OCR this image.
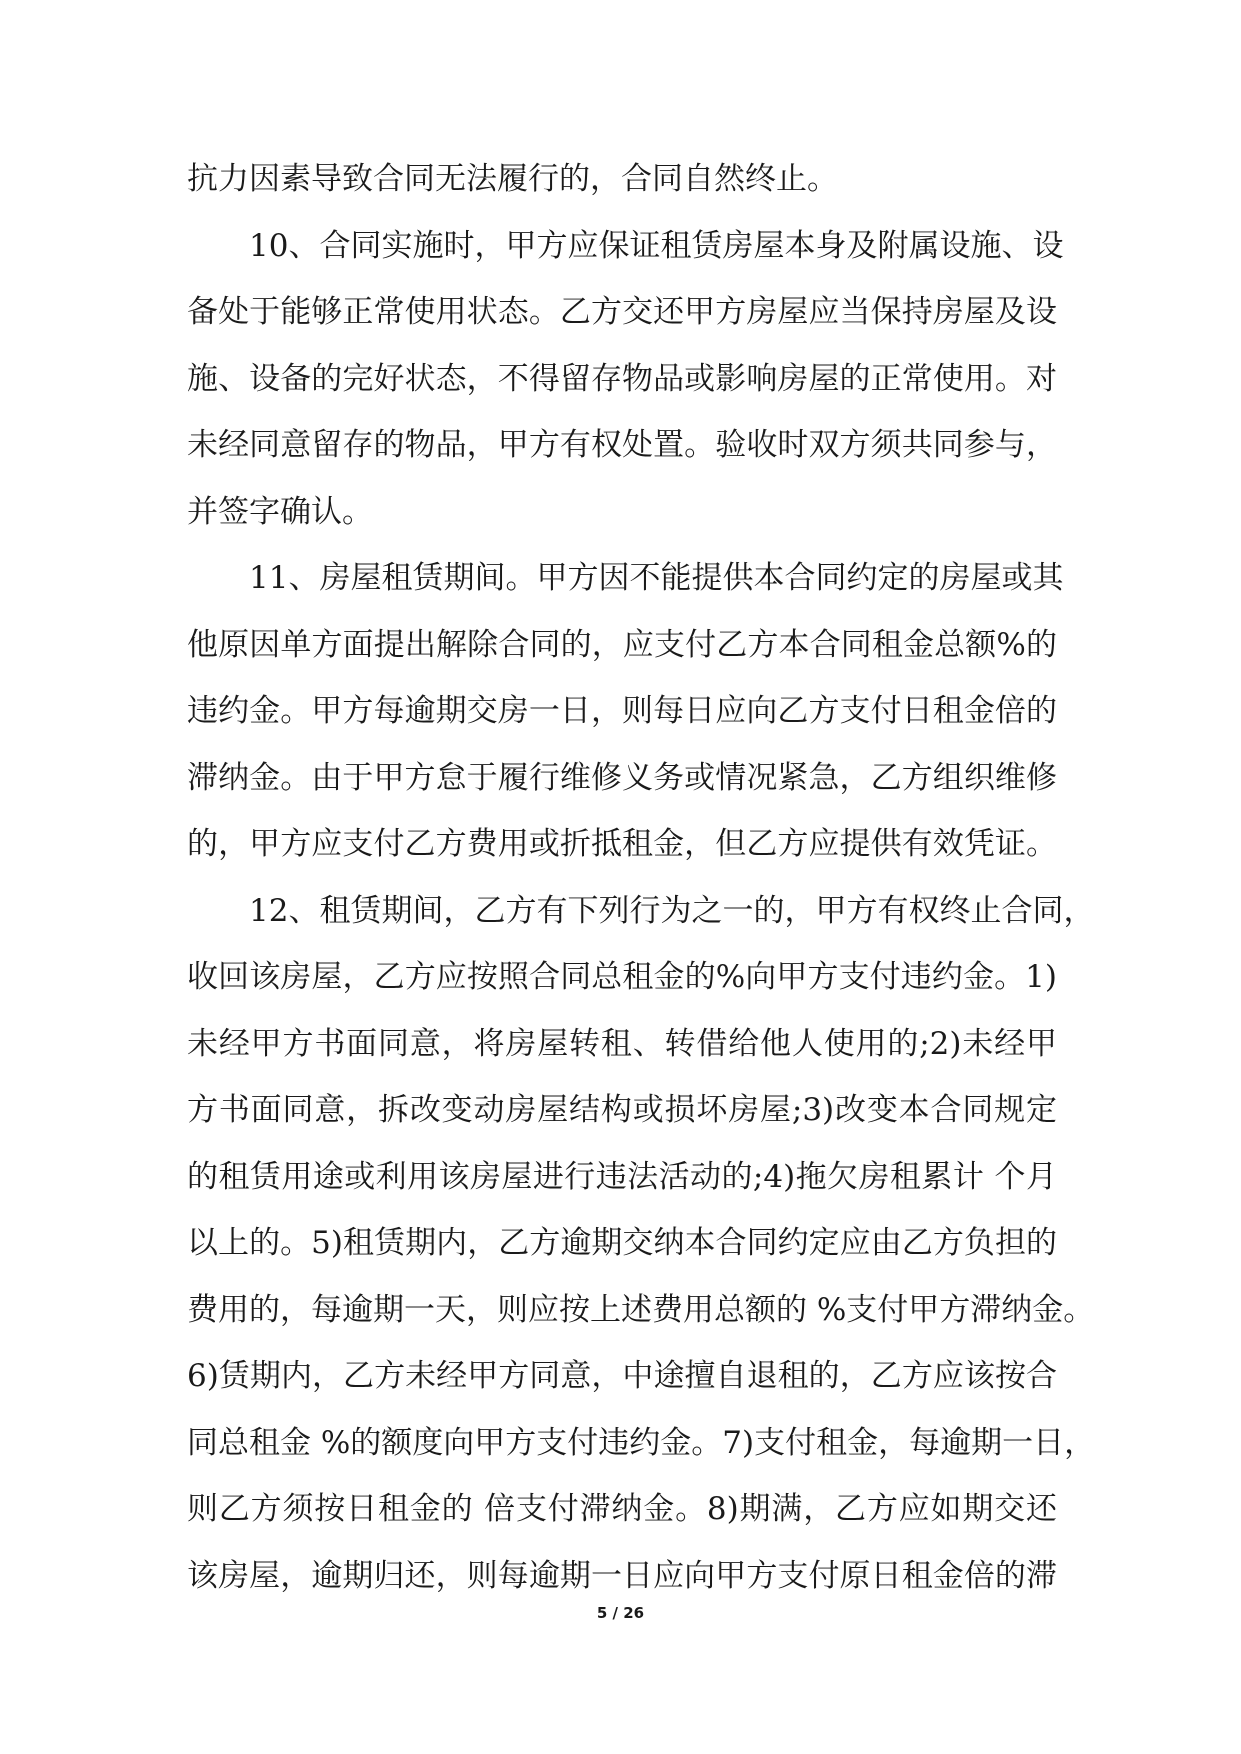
抗力因素导致合同无法履行的，合同自然终止。
10、合同实施时，甲方应保证租赁房屋本身及附属设施、设
备处于能够正常使用状态。乙方交还甲方房屋应当保持房屋及设
施、设备的完好状态，不得留存物品或影响房屋的正常使用。对
未经同意留存的物品，甲方有权处置。验收时双方须共同参与，
并签字确认。
11、房屋租赁期间。甲方因不能提供本合同约定的房屋或其
他原因单方面提出解除合同的，应支付乙方本合同租金总额%的
违约金。甲方每逾期交房一日，则每日应向乙方支付日租金倍的
滞纳金。由于甲方怠于履行维修义务或情况紧急，乙方组织维修
的，甲方应支付乙方费用或折抵租金，但乙方应提供有效凭证。
12、租赁期间，乙方有下列行为之一的，甲方有权终止合同，
收回该房屋，乙方应按照合同总租金的%向甲方支付违约金。1)
未经甲方书面同意，将房屋转租、转借给他人使用的;2)未经甲
方书面同意，拆改变动房屋结构或损坏房屋;3)改变本合同规定
的租赁用途或利用该房屋进行违法活动的;4)拖欠房租累计 个月
以上的。5)租赁期内，乙方逾期交纳本合同约定应由乙方负担的
费用的，每逾期一天，则应按上述费用总额的 %支付甲方滞纳金。
6)赁期内，乙方未经甲方同意，中途擅自退租的，乙方应该按合
同总租金 %的额度向甲方支付违约金。7)支付租金，每逾期一日，
则乙方须按日租金的 倍支付滞纳金。8)期满，乙方应如期交还
该房屋，逾期归还，则每逾期一日应向甲方支付原日租金倍的滞
5 / 26
